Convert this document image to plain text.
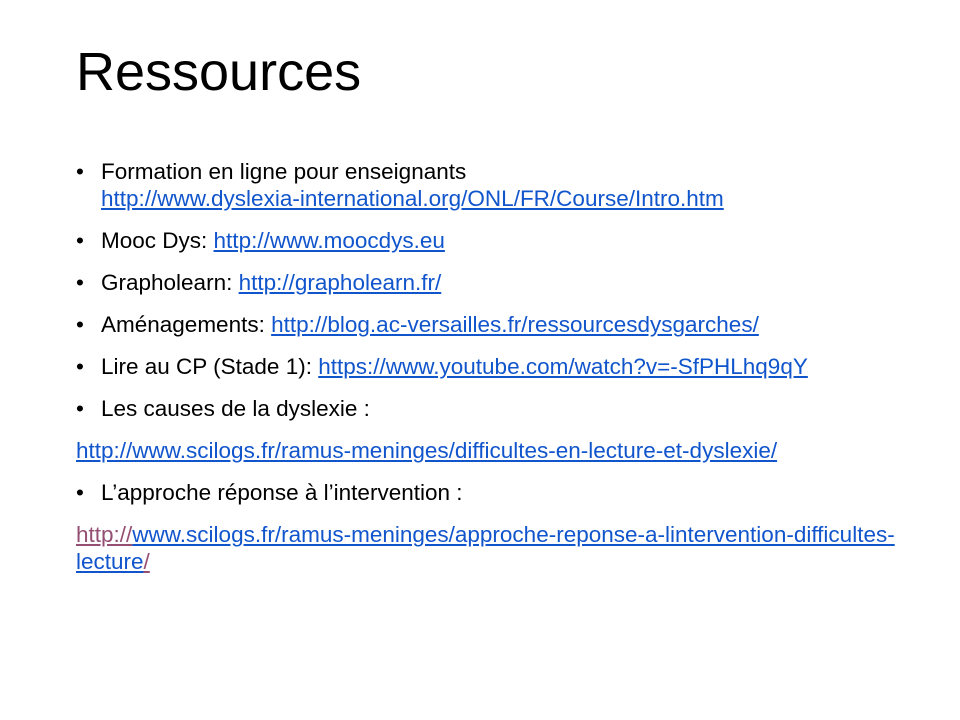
Ressources
• Formation en ligne pour enseignants
http://www.dyslexia-international.org/ONL/FR/Course/Intro.htm
• Mooc Dys: http://www.moocdys.eu
• Grapholearn: http://grapholearn.fr/
• Aménagements: http://blog.ac-versailles.fr/ressourcesdysgarches/
• Lire au CP (Stade 1): https://www.youtube.com/watch?v=-SfPHLhq9qY
• Les causes de la dyslexie :
http://www.scilogs.fr/ramus-meninges/difficultes-en-lecture-et-dyslexie/
• L’approche réponse à l’intervention :
http://www.scilogs.fr/ramus-meninges/approche-reponse-a-lintervention-difficultes-lecture/
